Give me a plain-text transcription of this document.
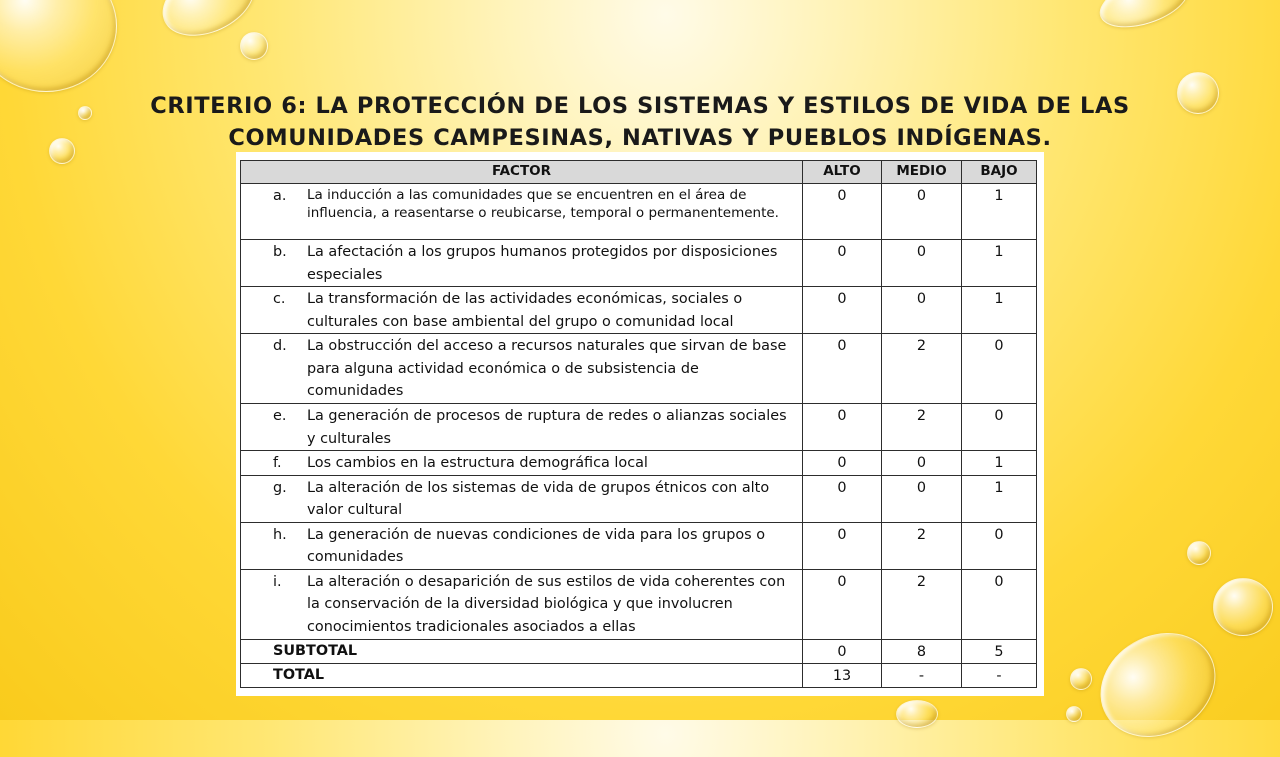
CRITERIO 6: LA PROTECCIÓN DE LOS SISTEMAS Y ESTILOS DE VIDA DE LAS COMUNIDADES CAMPESINAS, NATIVAS Y PUEBLOS INDÍGENAS.
FACTOR	ALTO	MEDIO	BAJO

a. La inducción a las comunidades que se encuentren en el área de influencia, a reasentarse o reubicarse, temporal o permanentemente.	0	0	1

b. La afectación a los grupos humanos protegidos por disposiciones especiales	0	0	1

c. La transformación de las actividades económicas, sociales o culturales con base ambiental del grupo o comunidad local	0	0	1

d. La obstrucción del acceso a recursos naturales que sirvan de base para alguna actividad económica o de subsistencia de comunidades	0	2	0

e. La generación de procesos de ruptura de redes o alianzas sociales y culturales	0	2	0

f. Los cambios en la estructura demográfica local	0	0	1

g. La alteración de los sistemas de vida de grupos étnicos con alto valor cultural	0	0	1

h. La generación de nuevas condiciones de vida para los grupos o comunidades	0	2	0

i. La alteración o desaparición de sus estilos de vida coherentes con la conservación de la diversidad biológica y que involucren conocimientos tradicionales asociados a ellas	0	2	0
SUBTOTAL	0	8	5
TOTAL	13	-	-
